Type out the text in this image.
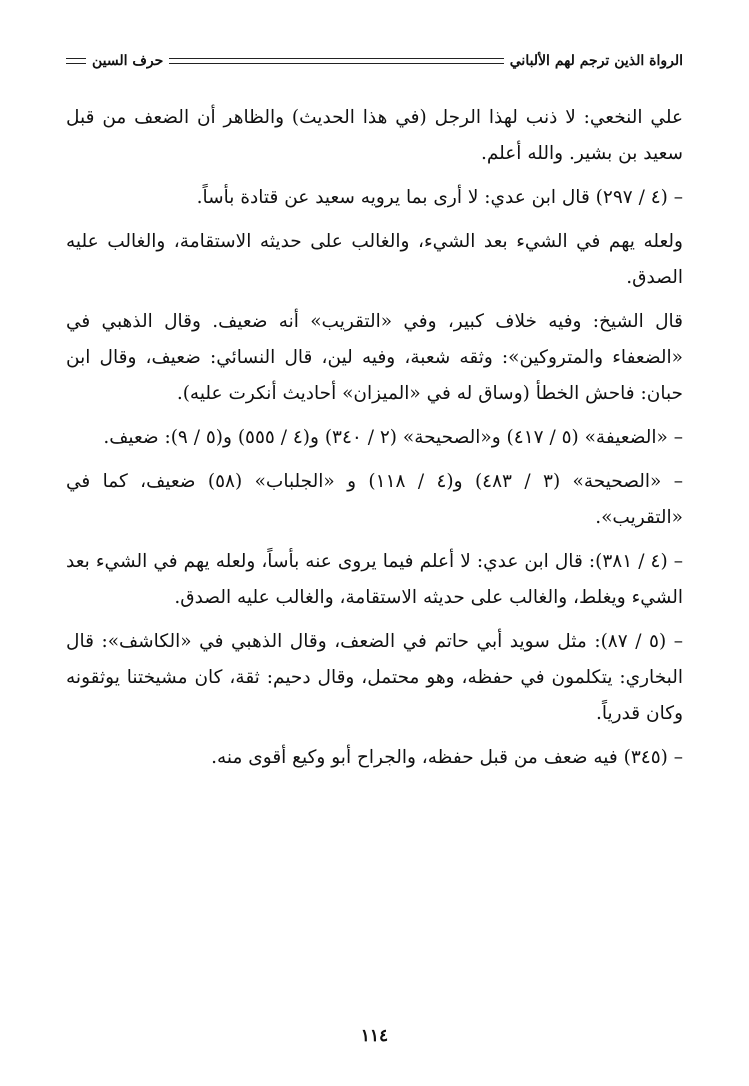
الرواة الذين ترجم لهم الألباني
حرف السين

علي النخعي: لا ذنب لهذا الرجل (في هذا الحديث) والظاهر أن الضعف من قبل سعيد بن بشير. والله أعلم.

– (٤ / ٢٩٧) قال ابن عدي: لا أرى بما يرويه سعيد عن قتادة بأساً.

ولعله يهم في الشيء بعد الشيء، والغالب على حديثه الاستقامة، والغالب عليه الصدق.

قال الشيخ: وفيه خلاف كبير، وفي «التقريب» أنه ضعيف. وقال الذهبي في «الضعفاء والمتروكين»: وثقه شعبة، وفيه لين، قال النسائي: ضعيف، وقال ابن حبان: فاحش الخطأ (وساق له في «الميزان» أحاديث أنكرت عليه).

– «الضعيفة» (٥ / ٤١٧) و«الصحيحة» (٢ / ٣٤٠) و(٤ / ٥٥٥) و(٥ / ٩): ضعيف.

– «الصحيحة» (٣ / ٤٨٣) و(٤ / ١١٨) و «الجلباب» (٥٨) ضعيف، كما في «التقريب».

– (٤ / ٣٨١): قال ابن عدي: لا أعلم فيما يروى عنه بأساً، ولعله يهم في الشيء بعد الشيء ويغلط، والغالب على حديثه الاستقامة، والغالب عليه الصدق.

– (٥ / ٨٧): مثل سويد أبي حاتم في الضعف، وقال الذهبي في «الكاشف»: قال البخاري: يتكلمون في حفظه، وهو محتمل، وقال دحيم: ثقة، كان مشيختنا يوثقونه وكان قدرياً.

– (٣٤٥) فيه ضعف من قبل حفظه، والجراح أبو وكيع أقوى منه.

١١٤
